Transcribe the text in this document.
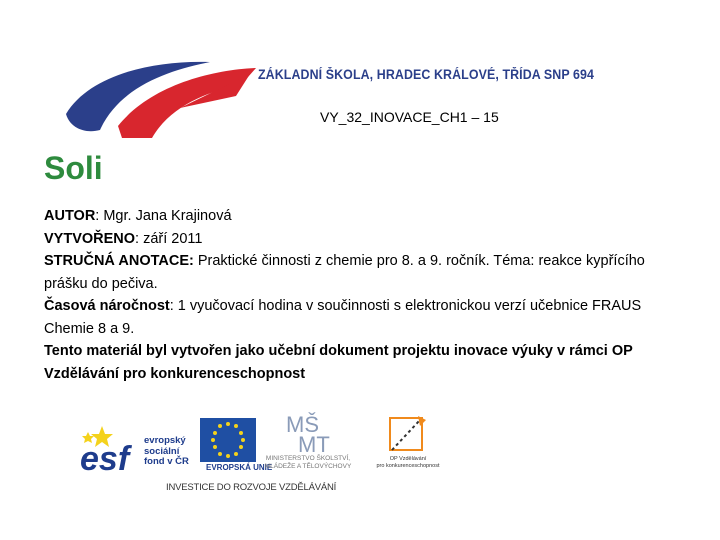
ZÁKLADNÍ ŠKOLA, HRADEC KRÁLOVÉ, TŘÍDA SNP 694
VY_32_INOVACE_CH1 – 15
Soli

AUTOR: Mgr. Jana Krajinová

VYTVOŘENO: září 2011

STRUČNÁ ANOTACE: Praktické činnosti z chemie pro 8. a 9. ročník. Téma: reakce kypřícího prášku do pečiva.

Časová náročnost: 1 vyučovací hodina v součinnosti s elektronickou verzí učebnice FRAUS Chemie 8 a 9.

Tento materiál byl vytvořen jako učební dokument projektu inovace výuky v rámci OP Vzdělávání pro konkurenceschopnost

esf	evropský
sociální
fond v ČR
EVROPSKÁ UNIE
MŠ
MT
MINISTERSTVO ŠKOLSTVÍ,
MLÁDEŽE A TĚLOVÝCHOVY
OP Vzdělávání
pro konkurenceschopnost
INVESTICE DO ROZVOJE VZDĚLÁVÁNÍ
